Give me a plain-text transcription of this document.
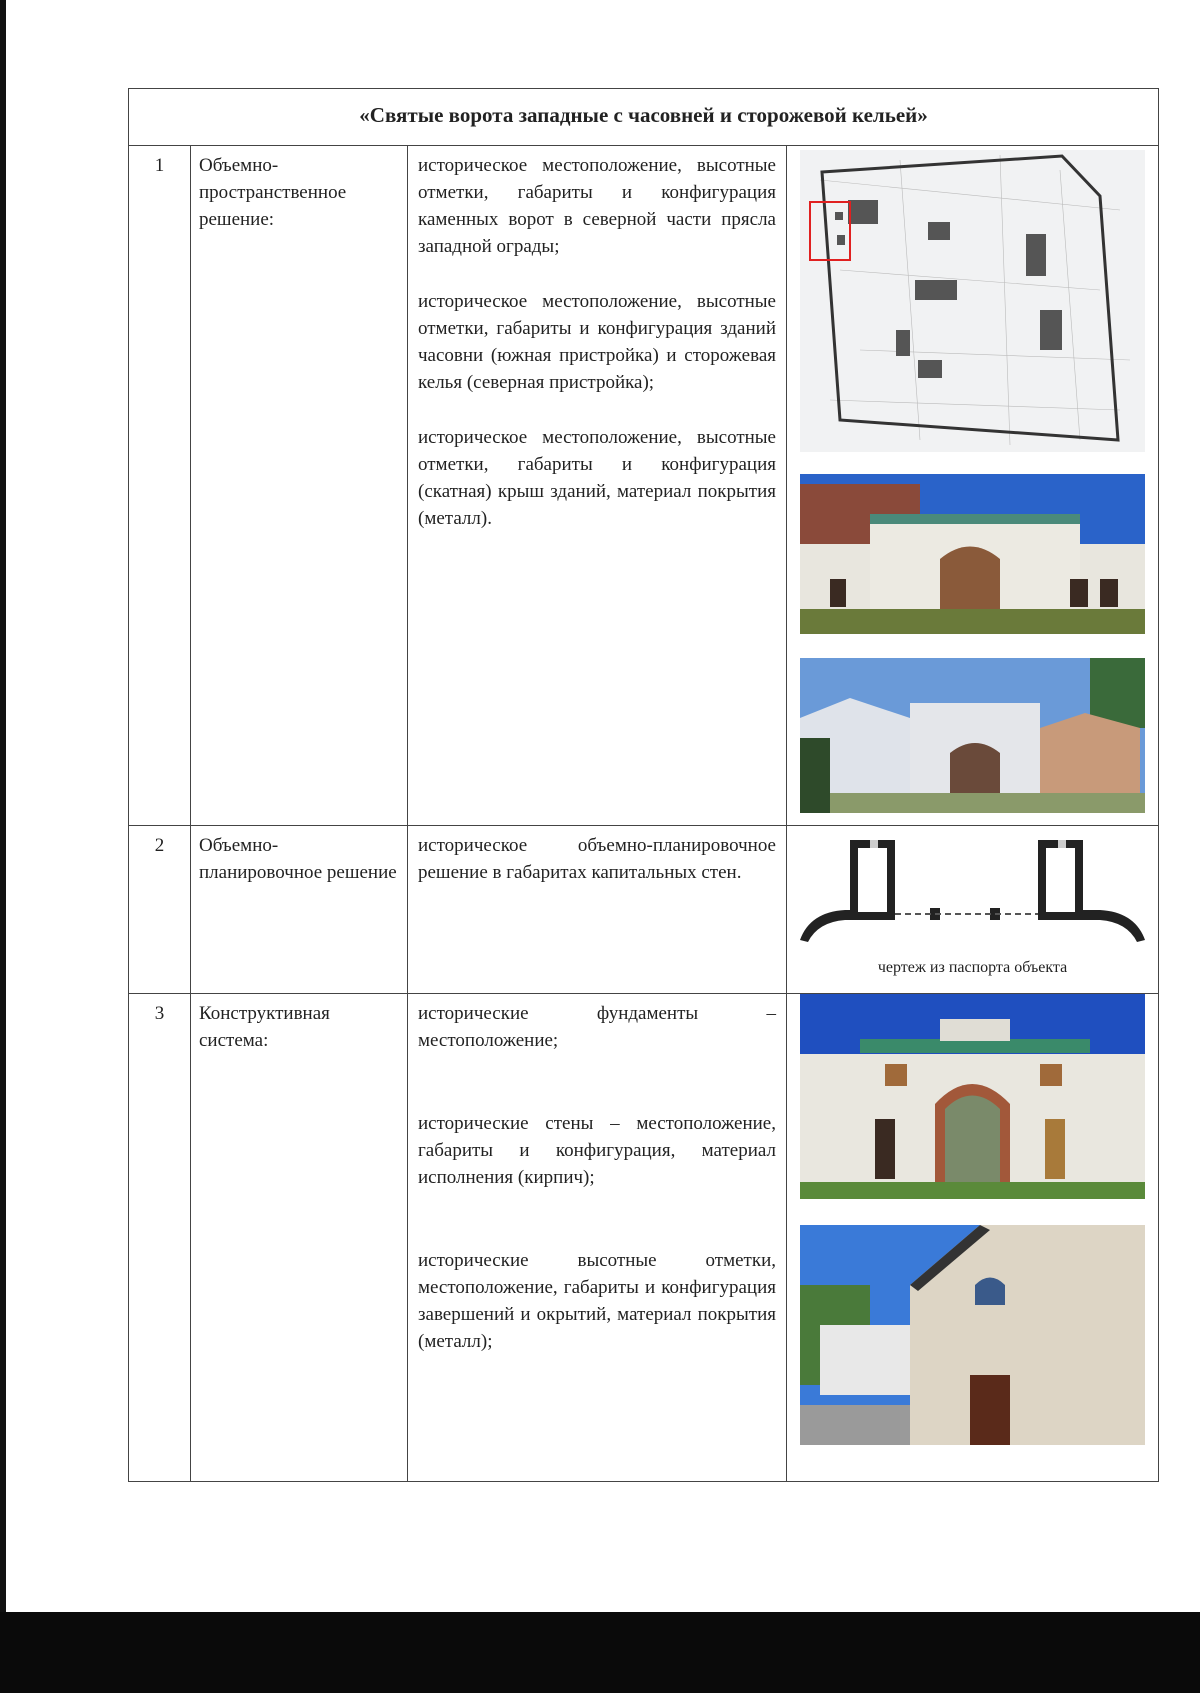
«Святые ворота западные с часовней и сторожевой кельей»			
1	Объемно-пространственное решение:	историческое местоположение, высотные отметки, габариты и конфигурация каменных ворот в северной части прясла западной ограды;

историческое местоположение, высотные отметки, габариты и конфигурация зданий часовни (южная пристройка) и сторожевая келья (северная пристройка);

историческое местоположение, высотные отметки, габариты и конфигурация (скатная) крыш зданий, материал покрытия (металл).

2	Объемно-планировочное решение	историческое объемно-планировочное решение в габаритах капитальных стен.	чертеж из паспорта объекта

3	Конструктивная система:	исторические фундаменты – местоположение;

исторические стены – местоположение, габариты и конфигурация, материал исполнения (кирпич);

исторические высотные отметки, местоположение, габариты и конфигурация завершений и окрытий, материал покрытия (металл);
